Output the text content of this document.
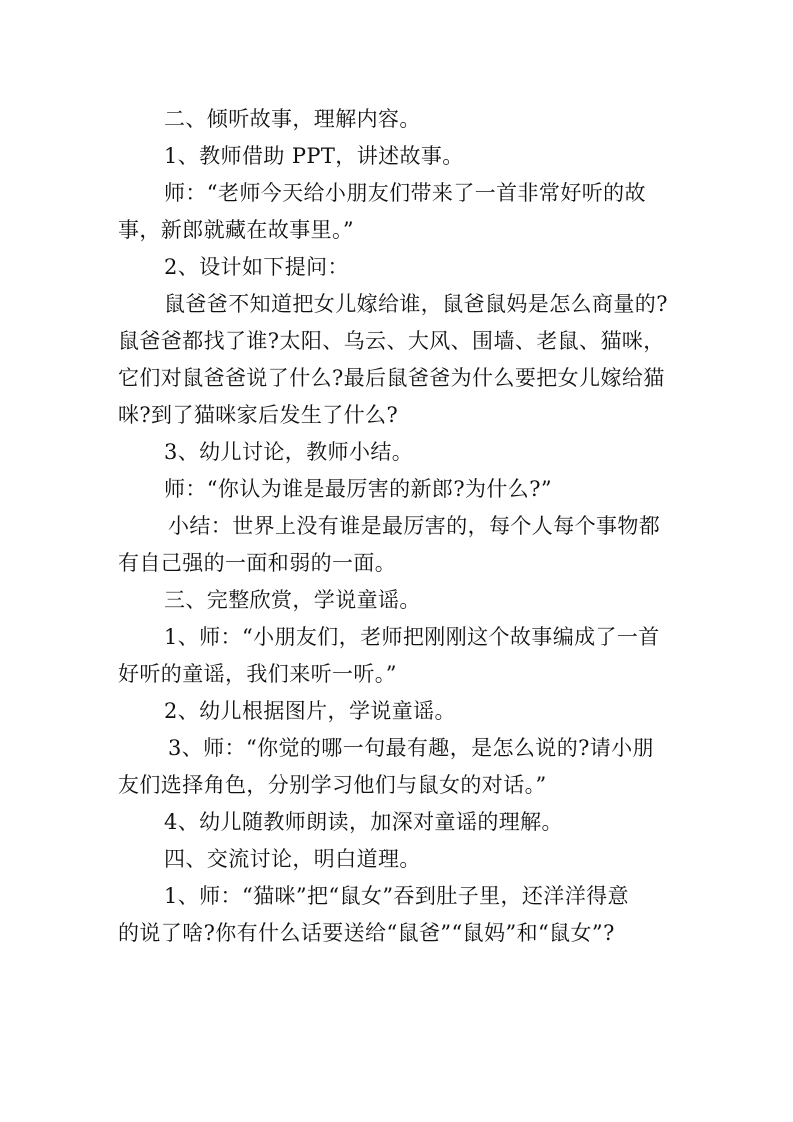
二、倾听故事，理解内容。
1、教师借助 PPT，讲述故事。
师：“老师今天给小朋友们带来了一首非常好听的故
事，新郎就藏在故事里。”
2、设计如下提问：
鼠爸爸不知道把女儿嫁给谁，鼠爸鼠妈是怎么商量的?
鼠爸爸都找了谁?太阳、乌云、大风、围墙、老鼠、猫咪，
它们对鼠爸爸说了什么?最后鼠爸爸为什么要把女儿嫁给猫
咪?到了猫咪家后发生了什么?
3、幼儿讨论，教师小结。
师：“你认为谁是最厉害的新郎?为什么?”
小结：世界上没有谁是最厉害的，每个人每个事物都
有自己强的一面和弱的一面。
三、完整欣赏，学说童谣。
1、师：“小朋友们，老师把刚刚这个故事编成了一首
好听的童谣，我们来听一听。”
2、幼儿根据图片，学说童谣。
3、师：“你觉的哪一句最有趣，是怎么说的?请小朋
友们选择角色，分别学习他们与鼠女的对话。”
4、幼儿随教师朗读，加深对童谣的理解。
四、交流讨论，明白道理。
1、师：“猫咪”把“鼠女”吞到肚子里，还洋洋得意
的说了啥?你有什么话要送给“鼠爸”“鼠妈”和“鼠女”?
